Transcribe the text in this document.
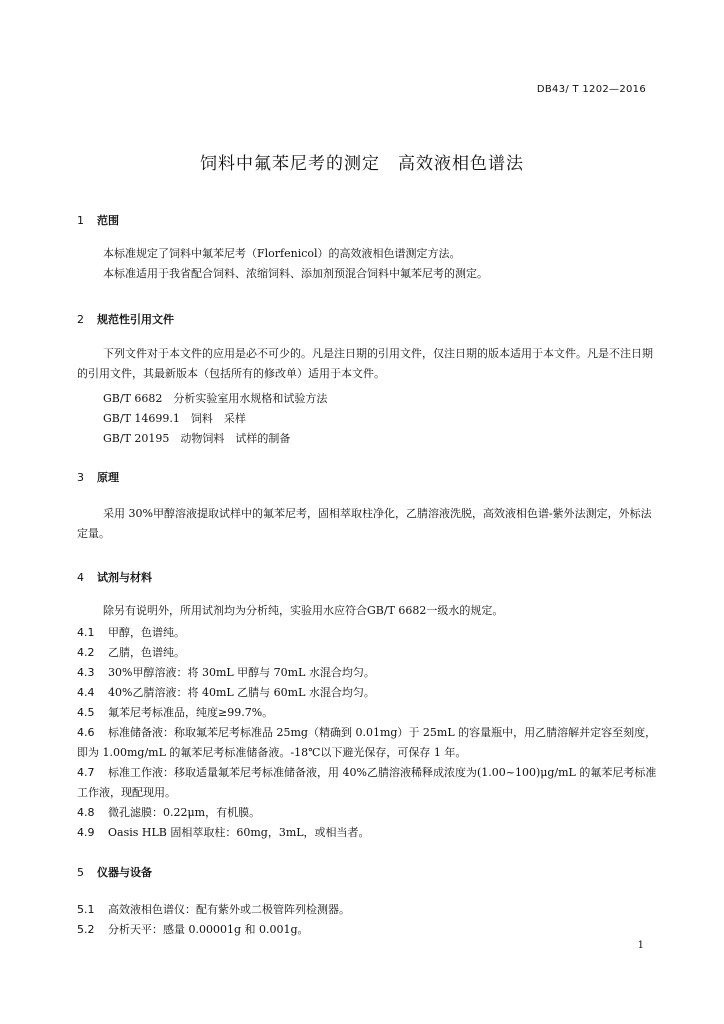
DB43/ T 1202—2016
饲料中氟苯尼考的测定　高效液相色谱法
1 范围
本标准规定了饲料中氟苯尼考（Florfenicol）的高效液相色谱测定方法。
本标准适用于我省配合饲料、浓缩饲料、添加剂预混合饲料中氟苯尼考的测定。
2 规范性引用文件
下列文件对于本文件的应用是必不可少的。凡是注日期的引用文件，仅注日期的版本适用于本文件。凡是不注日期的引用文件，其最新版本（包括所有的修改单）适用于本文件。
GB/T 6682　分析实验室用水规格和试验方法
GB/T 14699.1　饲料　采样
GB/T 20195　动物饲料　试样的制备
3 原理
采用 30%甲醇溶液提取试样中的氟苯尼考，固相萃取柱净化，乙腈溶液洗脱，高效液相色谱-紫外法测定，外标法定量。
4 试剂与材料
除另有说明外，所用试剂均为分析纯，实验用水应符合GB/T 6682一级水的规定。
4.1 甲醇，色谱纯。
4.2 乙腈，色谱纯。
4.3 30%甲醇溶液：将 30mL 甲醇与 70mL 水混合均匀。
4.4 40%乙腈溶液：将 40mL 乙腈与 60mL 水混合均匀。
4.5 氟苯尼考标准品，纯度≥99.7%。
4.6 标准储备液：称取氟苯尼考标准品 25mg（精确到 0.01mg）于 25mL 的容量瓶中，用乙腈溶解并定容至刻度，即为 1.00mg/mL 的氟苯尼考标准储备液。-18℃以下避光保存，可保存 1 年。
4.7 标准工作液：移取适量氟苯尼考标准储备液，用 40%乙腈溶液稀释成浓度为(1.00~100)μg/mL 的氟苯尼考标准工作液，现配现用。
4.8 微孔滤膜：0.22μm，有机膜。
4.9 Oasis HLB 固相萃取柱：60mg，3mL，或相当者。
5 仪器与设备
5.1 高效液相色谱仪：配有紫外或二极管阵列检测器。
5.2 分析天平：感量 0.00001g 和 0.001g。
1
